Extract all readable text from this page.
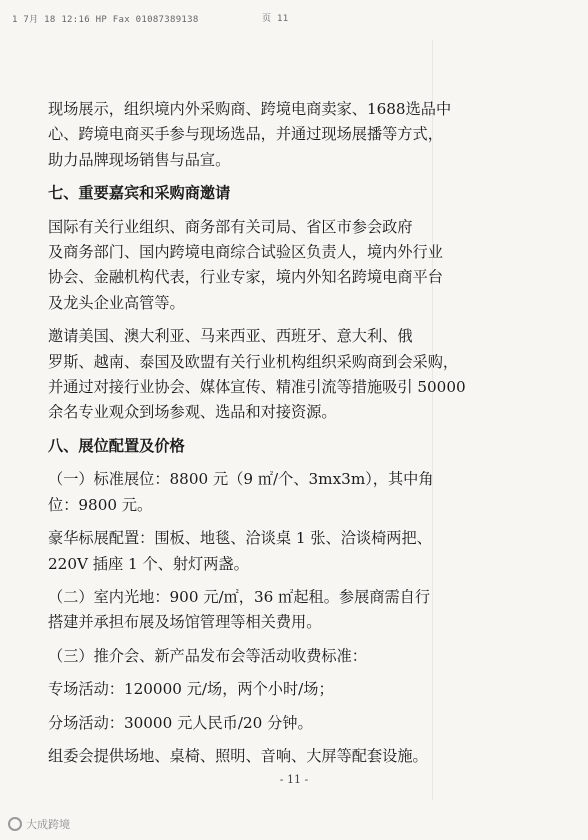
1 7月 18 12:16 HP Fax 01087389138	页 11

现场展示，组织境内外采购商、跨境电商卖家、1688选品中
心、跨境电商买手参与现场选品，并通过现场展播等方式，
助力品牌现场销售与品宣。

七、重要嘉宾和采购商邀请

国际有关行业组织、商务部有关司局、省区市参会政府
及商务部门、国内跨境电商综合试验区负责人，境内外行业
协会、金融机构代表，行业专家，境内外知名跨境电商平台
及龙头企业高管等。

邀请美国、澳大利亚、马来西亚、西班牙、意大利、俄
罗斯、越南、泰国及欧盟有关行业机构组织采购商到会采购，
并通过对接行业协会、媒体宣传、精准引流等措施吸引 50000
余名专业观众到场参观、选品和对接资源。

八、展位配置及价格

（一）标准展位：8800 元（9 ㎡/个、3mx3m），其中角
位：9800 元。

豪华标展配置：围板、地毯、洽谈桌 1 张、洽谈椅两把、
220V 插座 1 个、射灯两盏。

（二）室内光地：900 元/㎡，36 ㎡起租。参展商需自行
搭建并承担布展及场馆管理等相关费用。

（三）推介会、新产品发布会等活动收费标准：

专场活动：120000 元/场，两个小时/场；

分场活动：30000 元人民币/20 分钟。

组委会提供场地、桌椅、照明、音响、大屏等配套设施。

- 11 -
大成跨境
